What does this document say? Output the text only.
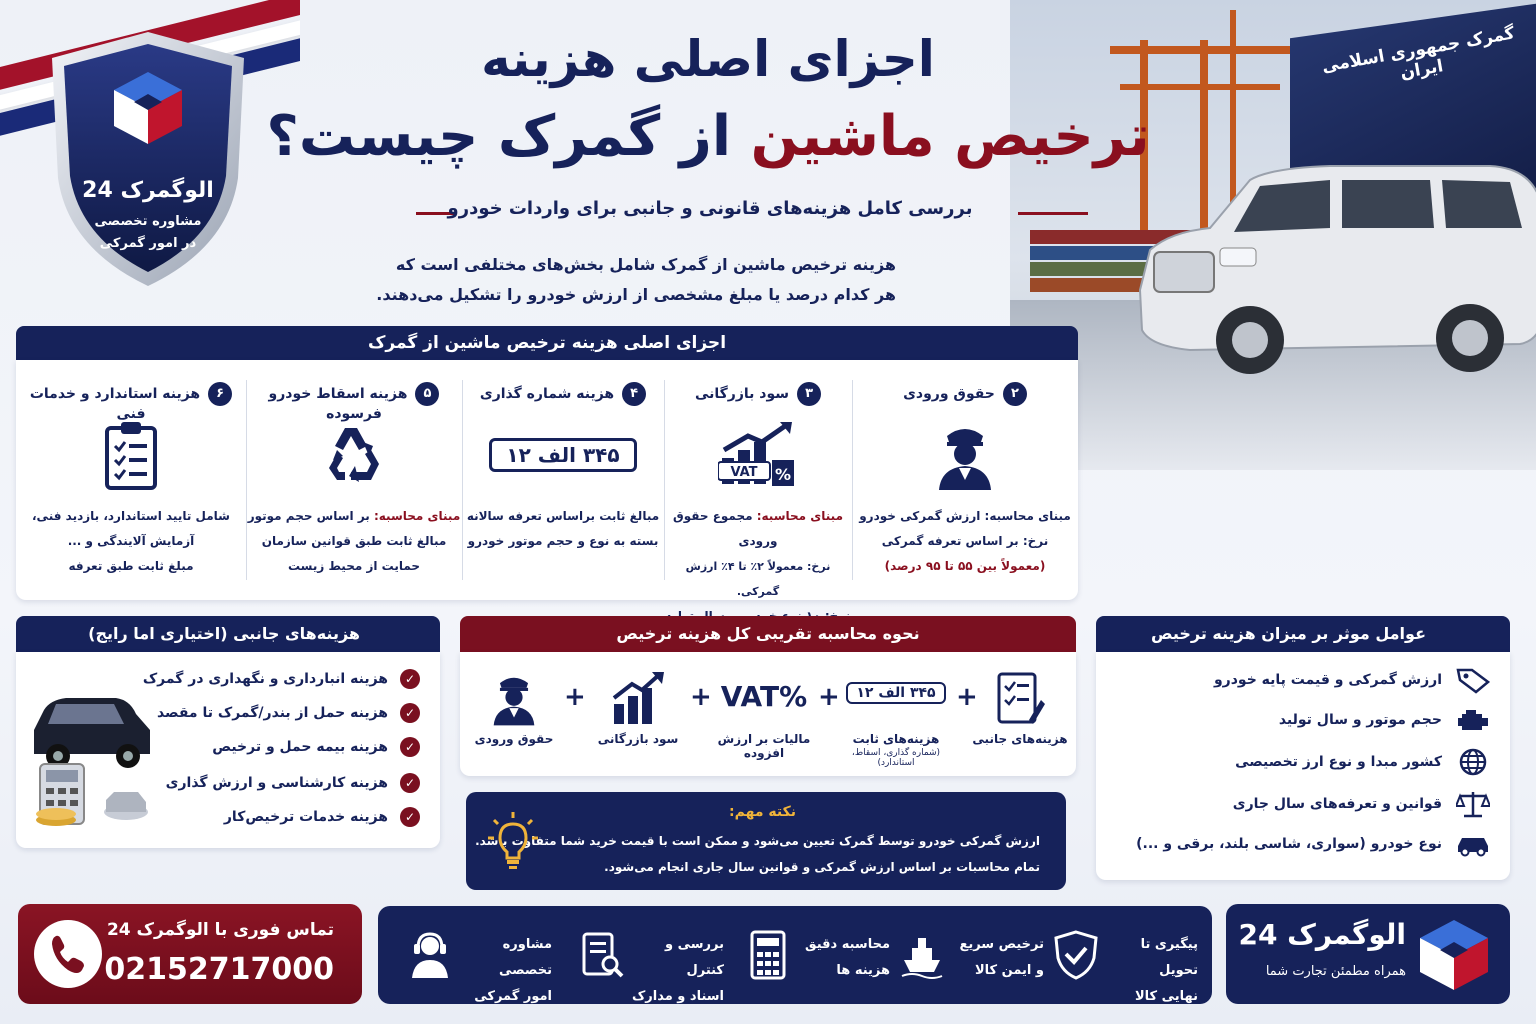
الوگمرک 24
مشاوره تخصصی
در امور گمرکی
گمرک جمهوری اسلامی ایران
اجزای اصلی هزینه
ترخیص ماشین از گمرک چیست؟
بررسی کامل هزینه‌های قانونی و جانبی برای واردات خودرو
هزینه ترخیص ماشین از گمرک شامل بخش‌های مختلفی است که
هر کدام درصد یا مبلغ مشخصی از ارزش خودرو را تشکیل می‌دهند.
اجزای اصلی هزینه ترخیص ماشین از گمرک
۲حقوق ورودی
مبنای محاسبه: ارزش گمرکی خودرو
نرخ: بر اساس تعرفه گمرکی
(معمولاً بین ۵۵ تا ۹۵ درصد)
۳سود بازرگانی
VAT %
مبنای محاسبه: مجموع حقوق ورودی
نرخ: معمولاً ۲٪ تا ۴٪ ارزش گمرکی.
۴هزینه شماره گذاری
۳۴۵ الف ۱۲
مبالغ ثابت براساس تعرفه سالانه
بسته به نوع و حجم موتور خودرو
۵هزینه اسقاط خودرو فرسوده
مبنای محاسبه: بر اساس حجم موتور
مبالغ ثابت طبق قوانین سازمان
حمایت از محیط زیست
۶هزینه استاندارد و خدمات فنی
شامل تایید استاندارد، بازدید فنی،
آزمایش آلایندگی و ...
مبلغ ثابت طبق تعرفه
هزینه‌های جانبی (اختیاری اما رایج)
✓هزینه انبارداری و نگهداری در گمرک
✓هزینه حمل از بندر/گمرک تا مقصد
✓هزینه بیمه حمل و ترخیص
✓هزینه کارشناسی و ارزش گذاری
✓هزینه خدمات ترخیص‌کار
نحوه محاسبه تقریبی کل هزینه ترخیص
هزینه‌های جانبی
+
۳۴۵ الف ۱۲
هزینه‌های ثابت
(شماره گذاری، اسقاط، استاندارد)
+
VAT%
مالیات بر ارزش افزوده
+
سود بازرگانی
+
حقوق ورودی
نکته مهم:
ارزش گمرکی خودرو توسط گمرک تعیین می‌شود و ممکن است با قیمت خرید شما متفاوت باشد.
تمام محاسبات بر اساس ارزش گمرکی و قوانین سال جاری انجام می‌شود.
عوامل موثر بر میزان هزینه ترخیص
ارزش گمرکی و قیمت پایه خودرو
حجم موتور و سال تولید
کشور مبدا و نوع ارز تخصیصی
قوانین و تعرفه‌های سال جاری
نوع خودرو (سواری، شاسی بلند، برقی و ...)
تماس فوری با الوگمرک 24
02152717000
پیگیری تا تحویل
نهایی کالا
ترخیص سریع
و ایمن کالا
محاسبه دقیق
هزینه ها
بررسی و کنترل
اسناد و مدارک
مشاوره تخصصی
امور گمرکی
الوگمرک 24
همراه مطمئن تجارت شما
